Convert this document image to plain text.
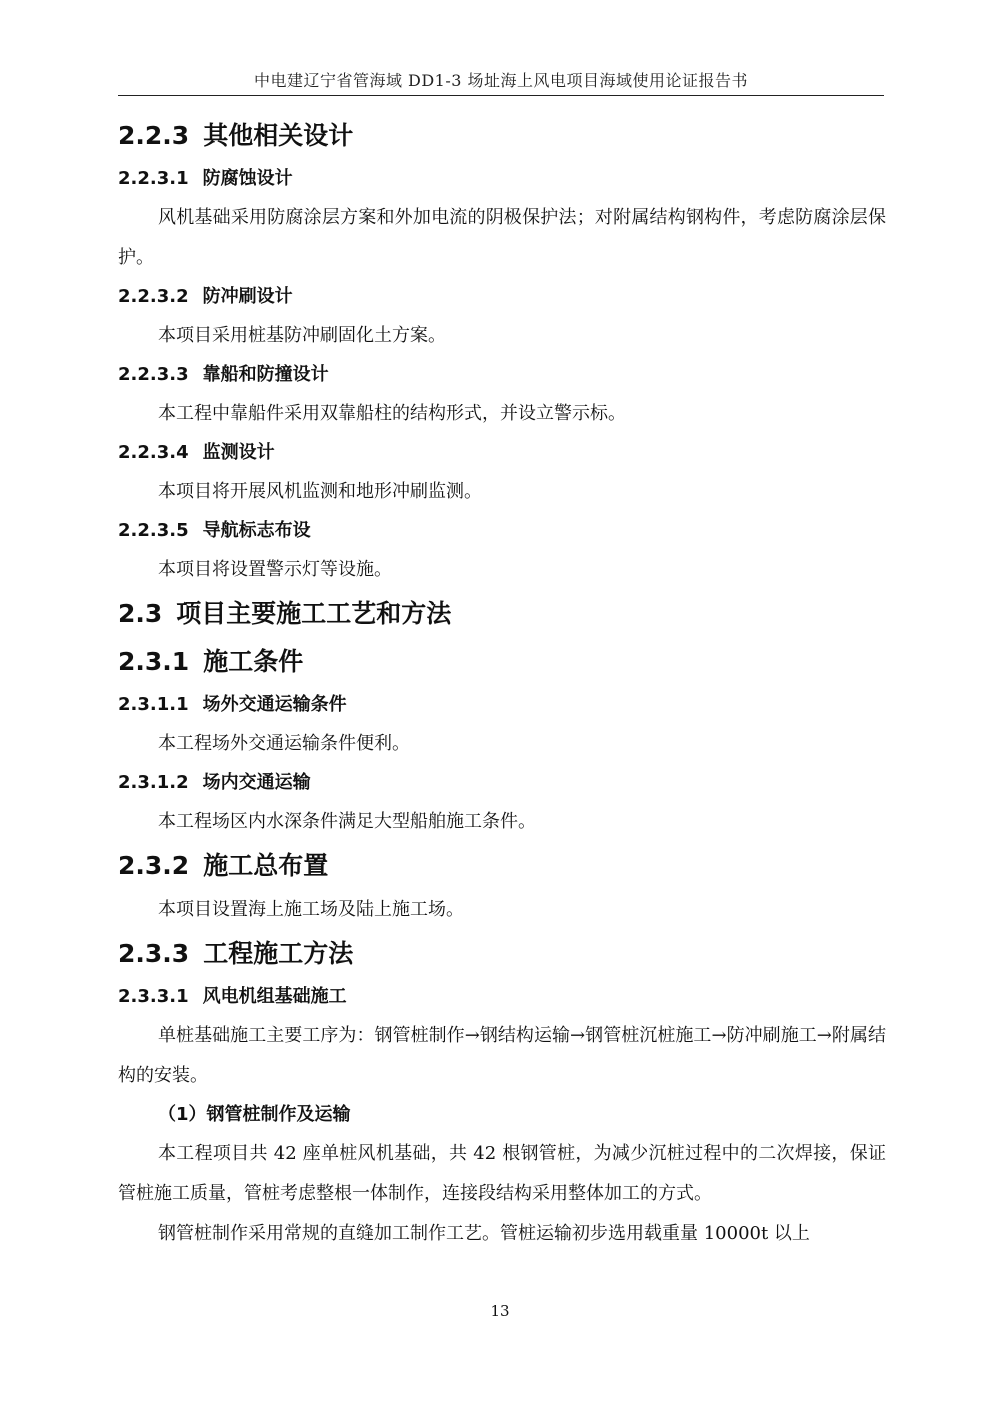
中电建辽宁省管海域 DD1-3 场址海上风电项目海域使用论证报告书
2.2.3 其他相关设计
2.2.3.1 防腐蚀设计

风机基础采用防腐涂层方案和外加电流的阴极保护法；对附属结构钢构件，考虑防腐涂层保护。

2.2.3.2 防冲刷设计

本项目采用桩基防冲刷固化土方案。

2.2.3.3 靠船和防撞设计

本工程中靠船件采用双靠船柱的结构形式，并设立警示标。

2.2.3.4 监测设计

本项目将开展风机监测和地形冲刷监测。

2.2.3.5 导航标志布设

本项目将设置警示灯等设施。

2.3 项目主要施工工艺和方法
2.3.1 施工条件
2.3.1.1 场外交通运输条件

本工程场外交通运输条件便利。

2.3.1.2 场内交通运输

本工程场区内水深条件满足大型船舶施工条件。

2.3.2 施工总布置

本项目设置海上施工场及陆上施工场。

2.3.3 工程施工方法
2.3.3.1 风电机组基础施工

单桩基础施工主要工序为：钢管桩制作→钢结构运输→钢管桩沉桩施工→防冲刷施工→附属结构的安装。

（1）钢管桩制作及运输

本工程项目共 42 座单桩风机基础，共 42 根钢管桩，为减少沉桩过程中的二次焊接，保证管桩施工质量，管桩考虑整根一体制作，连接段结构采用整体加工的方式。

钢管桩制作采用常规的直缝加工制作工艺。管桩运输初步选用载重量 10000t 以上

13
